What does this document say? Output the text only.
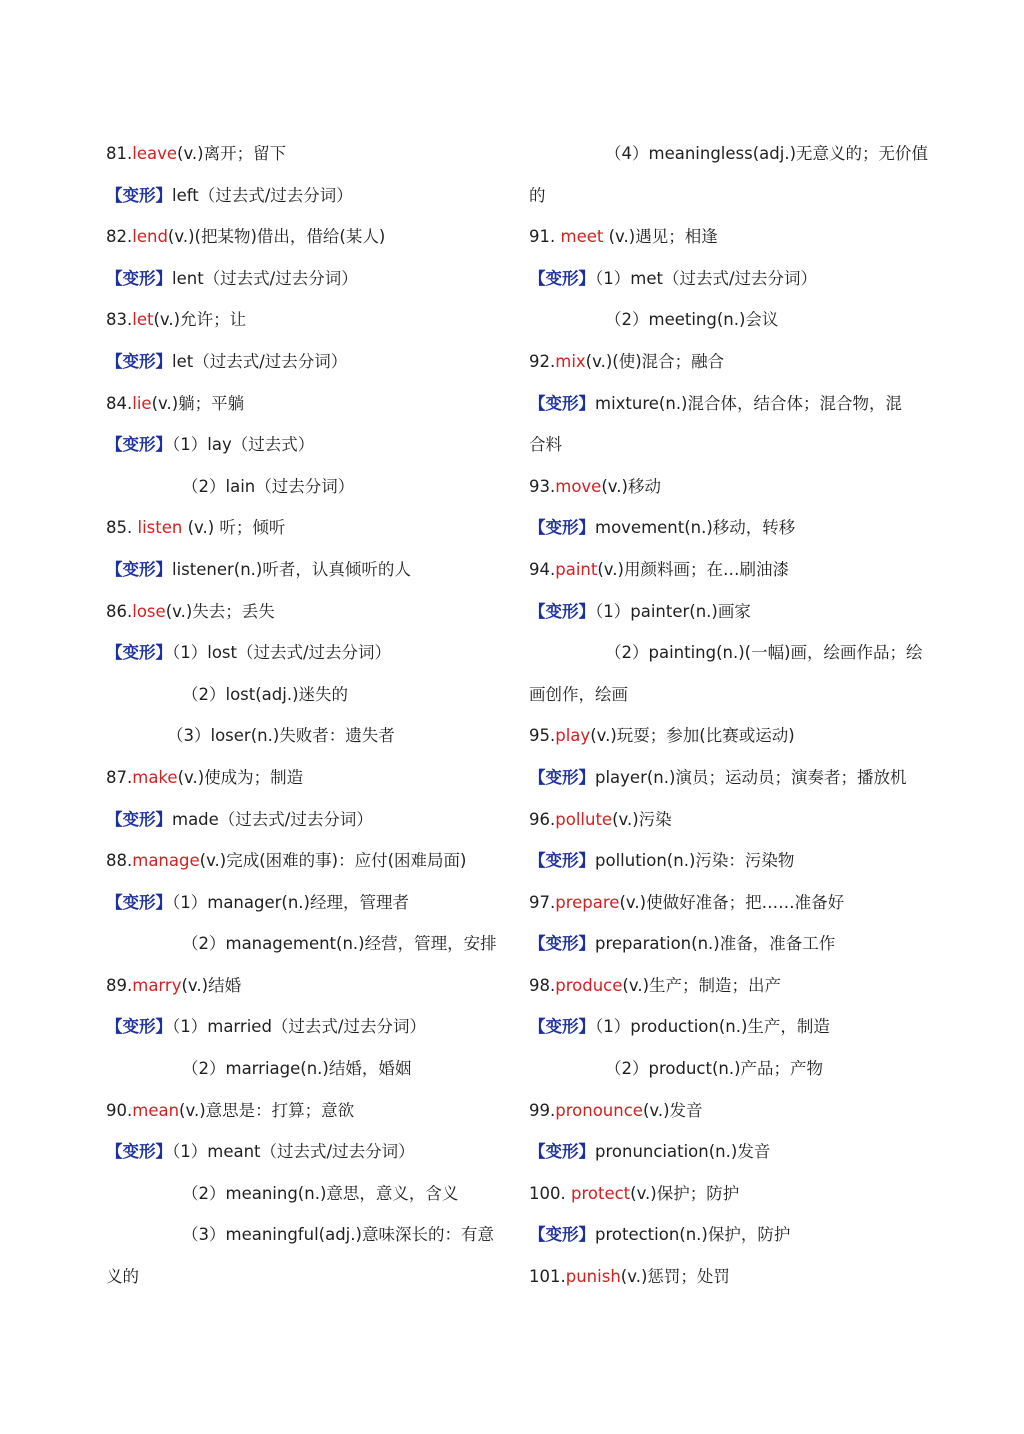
81.leave(v.)离开；留下
【变形】left（过去式/过去分词）
82.lend(v.)(把某物)借出，借给(某人)
【变形】lent（过去式/过去分词）
83.let(v.)允许；让
【变形】let（过去式/过去分词）
84.lie(v.)躺；平躺
【变形】（1）lay（过去式）
（2）lain（过去分词）
85. listen (v.) 听；倾听
【变形】listener(n.)听者，认真倾听的人
86.lose(v.)失去；丢失
【变形】（1）lost（过去式/过去分词）
（2）lost(adj.)迷失的
（3）loser(n.)失败者：遗失者
87.make(v.)使成为；制造
【变形】made（过去式/过去分词）
88.manage(v.)完成(困难的事)：应付(困难局面)
【变形】（1）manager(n.)经理，管理者
（2）management(n.)经营，管理，安排
89.marry(v.)结婚
【变形】（1）married（过去式/过去分词）
（2）marriage(n.)结婚，婚姻
90.mean(v.)意思是：打算；意欲
【变形】（1）meant（过去式/过去分词）
（2）meaning(n.)意思，意义，含义
（3）meaningful(adj.)意味深长的：有意
义的
（4）meaningless(adj.)无意义的；无价值
的
91. meet (v.)遇见；相逢
【变形】（1）met（过去式/过去分词）
（2）meeting(n.)会议
92.mix(v.)(使)混合；融合
【变形】mixture(n.)混合体，结合体；混合物，混
合料
93.move(v.)移动
【变形】movement(n.)移动，转移
94.paint(v.)用颜料画；在…刷油漆
【变形】（1）painter(n.)画家
（2）painting(n.)(一幅)画，绘画作品；绘
画创作，绘画
95.play(v.)玩耍；参加(比赛或运动)
【变形】player(n.)演员；运动员；演奏者；播放机
96.pollute(v.)污染
【变形】pollution(n.)污染：污染物
97.prepare(v.)使做好准备；把……准备好
【变形】preparation(n.)准备，准备工作
98.produce(v.)生产；制造；出产
【变形】（1）production(n.)生产，制造
（2）product(n.)产品；产物
99.pronounce(v.)发音
【变形】pronunciation(n.)发音
100. protect(v.)保护；防护
【变形】protection(n.)保护，防护
101.punish(v.)惩罚；处罚
